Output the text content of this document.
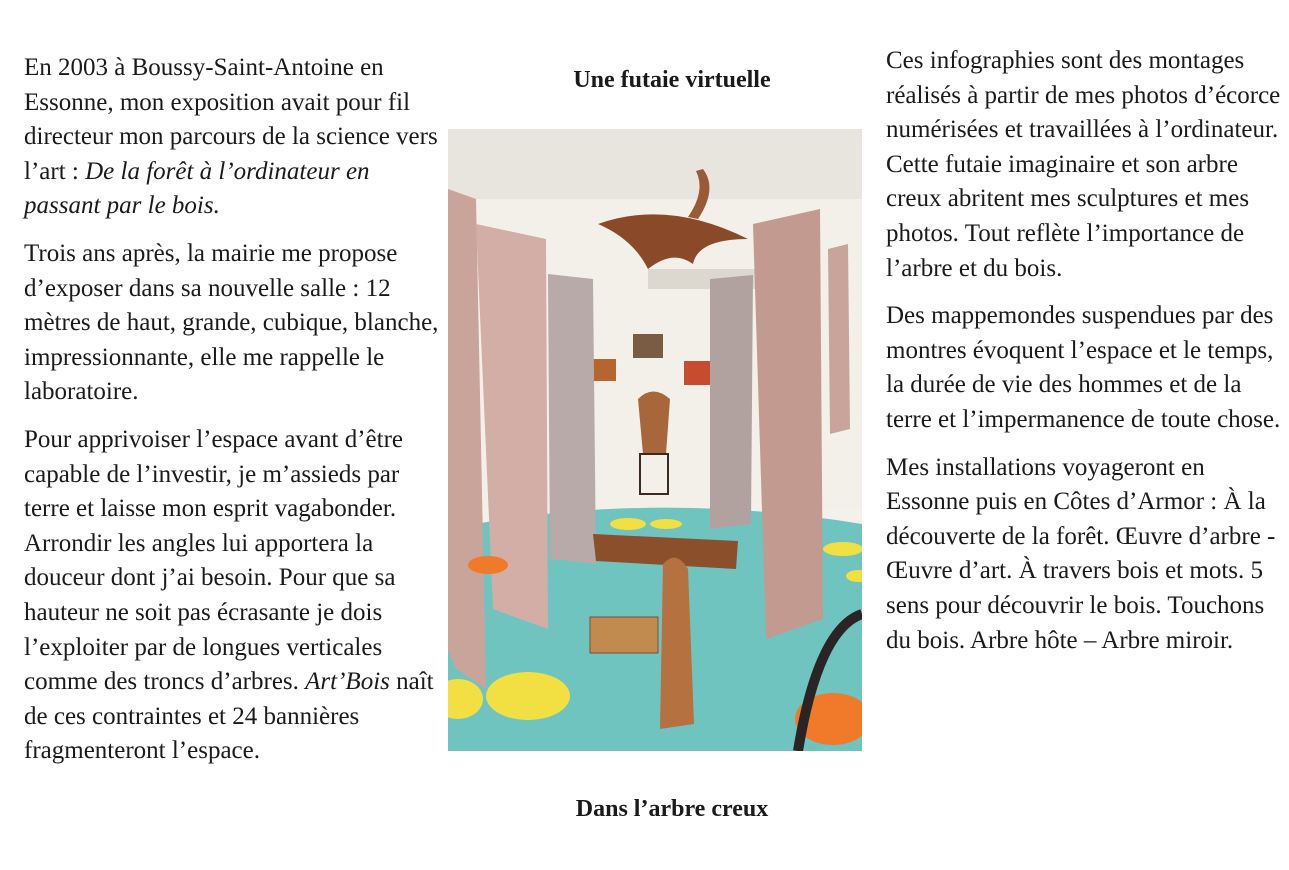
En 2003 à Boussy-Saint-Antoine en Essonne, mon exposition avait pour fil directeur mon parcours de la science vers l’art : De la forêt à l’ordinateur en passant par le bois.

Trois ans après, la mairie me propose d’exposer dans sa nouvelle salle : 12 mètres de haut, grande, cubique, blanche, impressionnante, elle me rappelle le laboratoire.

Pour apprivoiser l’espace avant d’être capable de l’investir, je m’assieds par terre et laisse mon esprit vagabonder. Arrondir les angles lui apportera la douceur dont j’ai besoin. Pour que sa hauteur ne soit pas écrasante je dois l’exploiter par de longues verticales comme des troncs d’arbres. Art’Bois naît de ces contraintes et 24 bannières fragmenteront l’espace.

Une futaie virtuelle
Dans l’arbre creux

Ces infographies sont des montages réalisés à partir de mes photos d’écorce numérisées et travaillées à l’ordinateur. Cette futaie imaginaire et son arbre creux abritent mes sculptures et mes photos. Tout reflète l’importance de l’arbre et du bois.

Des mappemondes suspendues par des montres évoquent l’espace et le temps, la durée de vie des hommes et de la terre et l’impermanence de toute chose.

Mes installations voyageront en Essonne puis en Côtes d’Armor : À la découverte de la forêt. Œuvre d’arbre - Œuvre d’art. À travers bois et mots. 5 sens pour découvrir le bois. Touchons du bois. Arbre hôte – Arbre miroir.
